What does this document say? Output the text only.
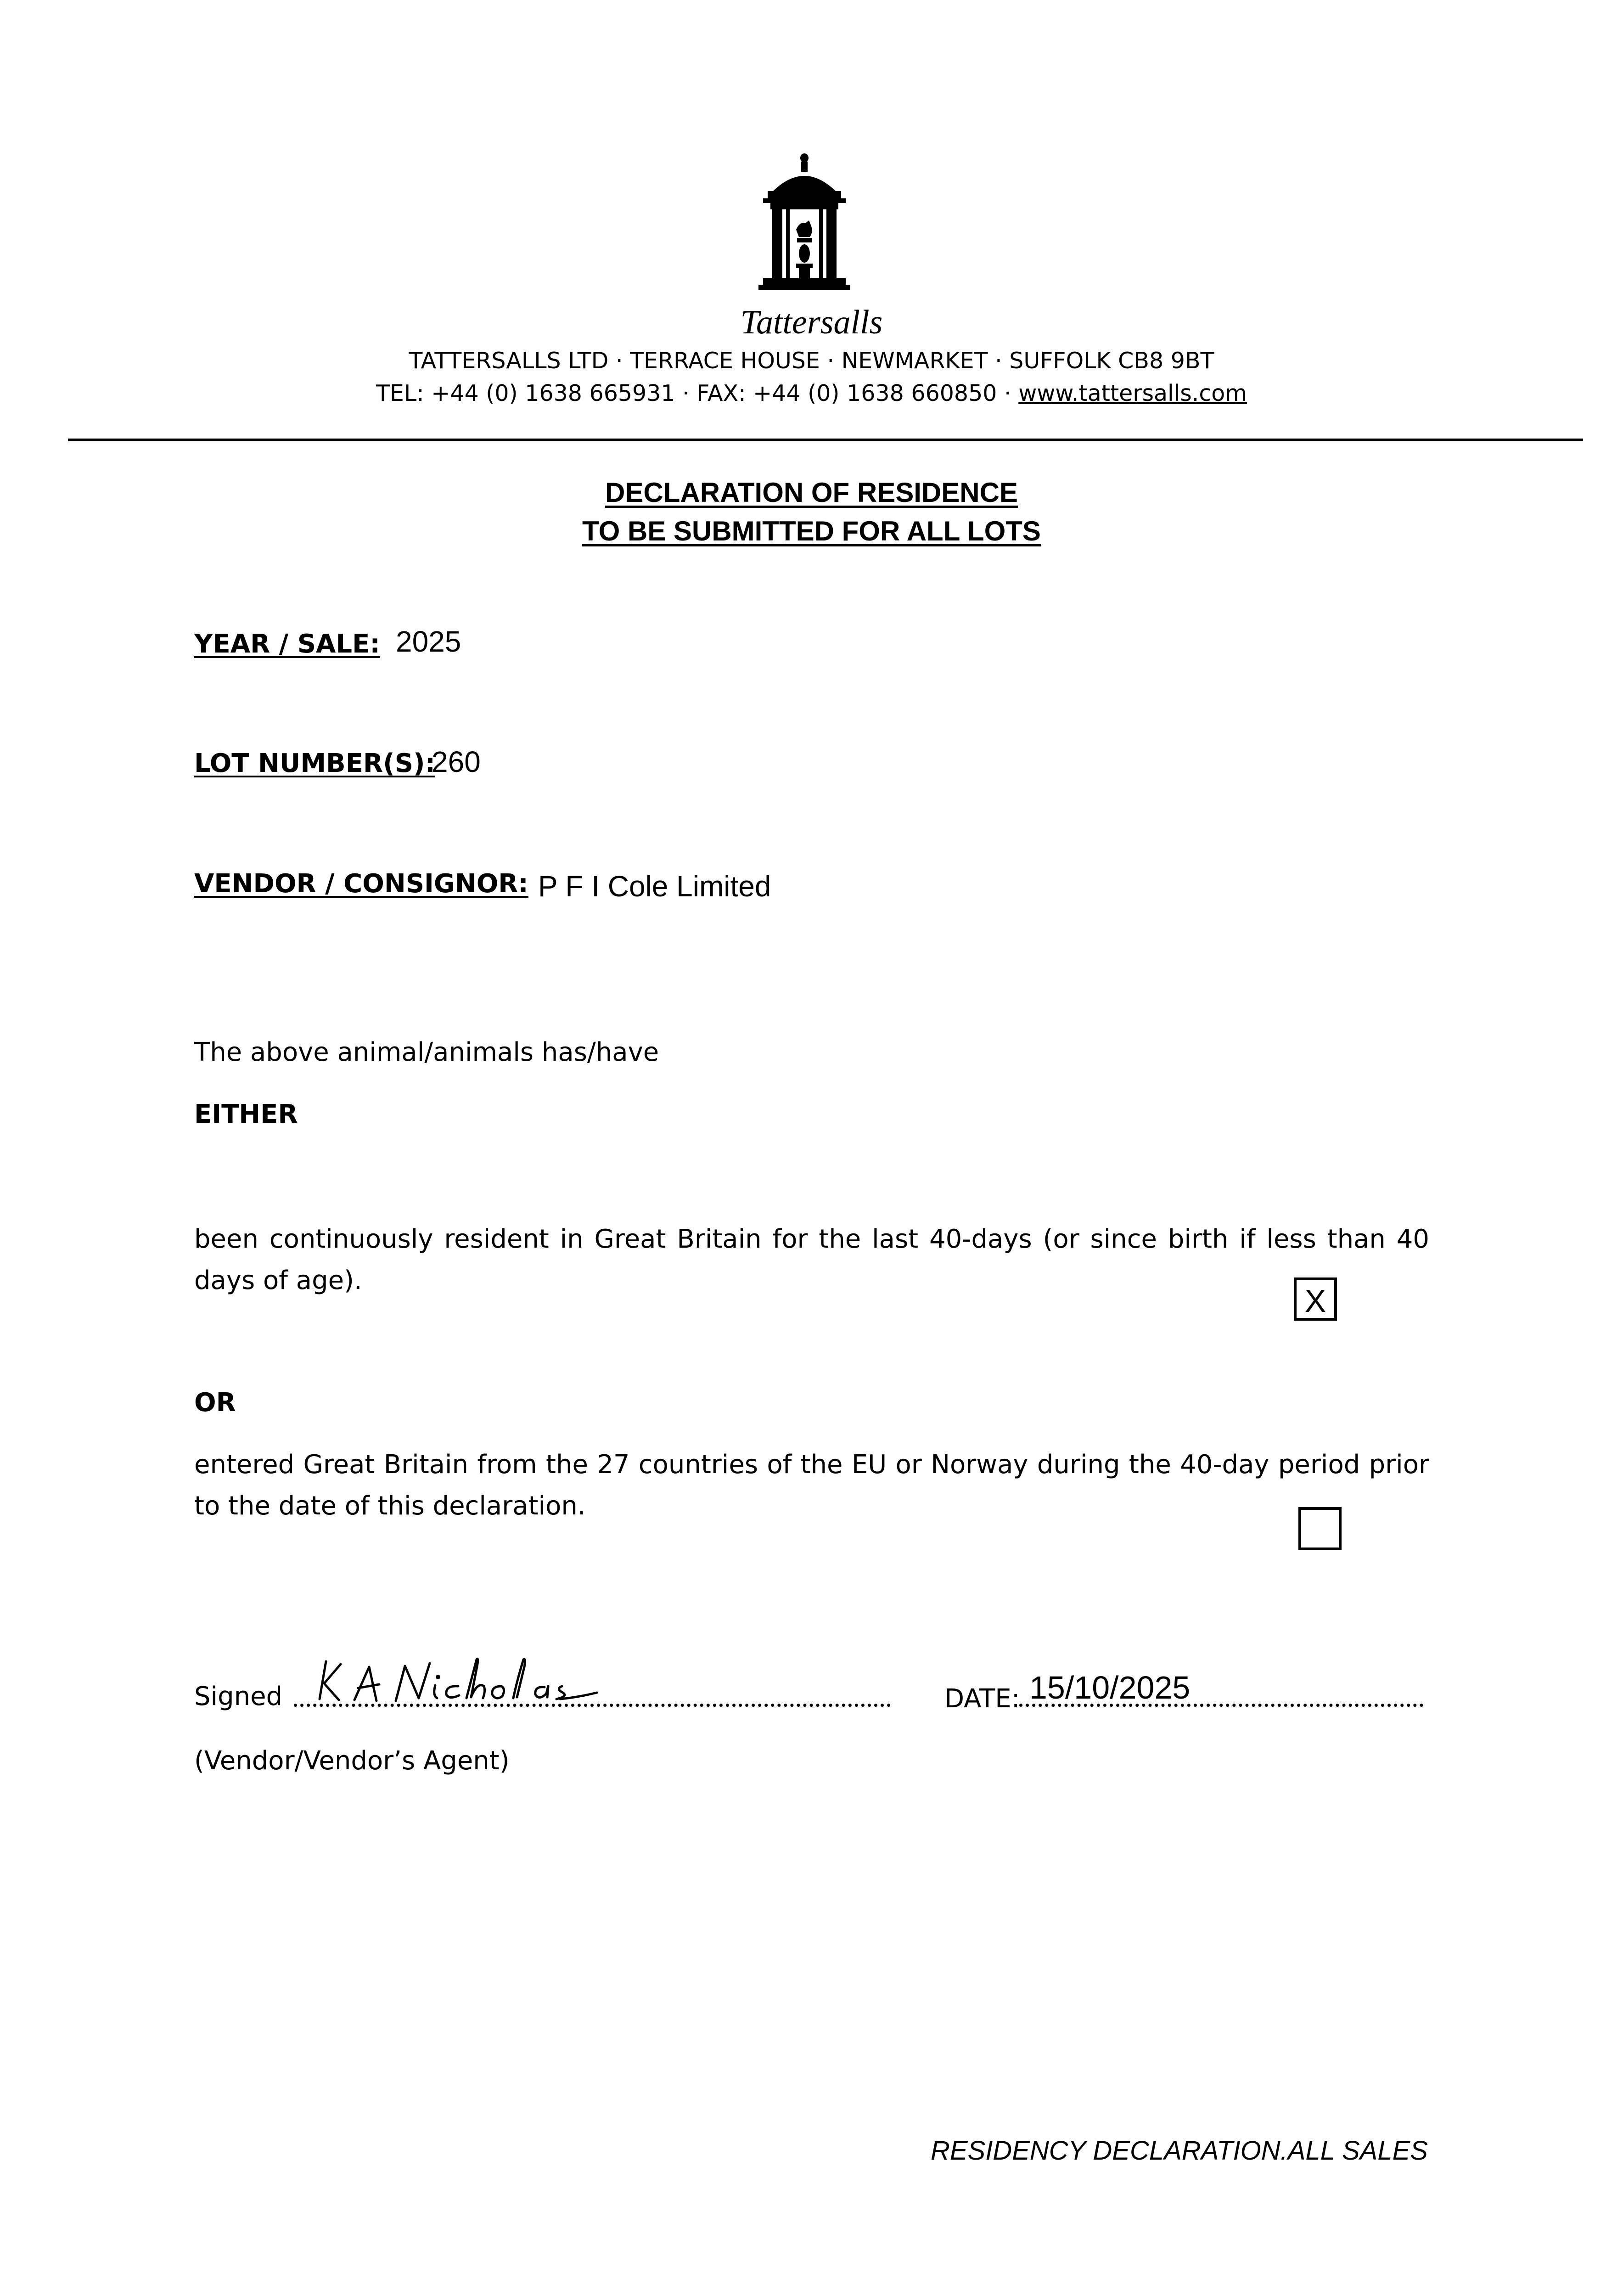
Tattersalls
TATTERSALLS LTD · TERRACE HOUSE · NEWMARKET · SUFFOLK CB8 9BT
TEL: +44 (0) 1638 665931 · FAX: +44 (0) 1638 660850 · www.tattersalls.com
DECLARATION OF RESIDENCE
TO BE SUBMITTED FOR ALL LOTS
YEAR / SALE: 2025
LOT NUMBER(S):
260
VENDOR / CONSIGNOR: P F I Cole Limited
The above animal/animals has/have
EITHER
been continuously resident in Great Britain for the last 40-days (or since birth if less than 40 days of age).
X
OR
entered Great Britain from the 27 countries of the EU or Norway during the 40-day period prior to the date of this declaration.
Signed	DATE: 15/10/2025
(Vendor/Vendor’s Agent)
RESIDENCY DECLARATION.ALL SALES
